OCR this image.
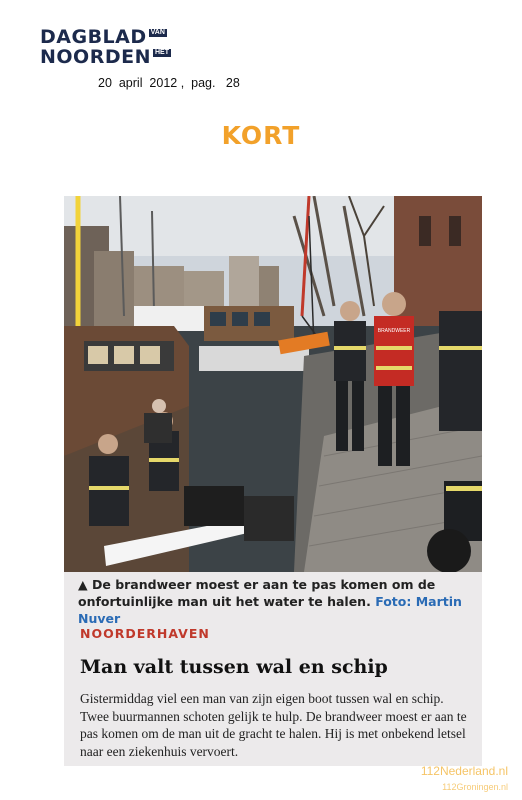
DAGBLAD VAN
NOORDEN HET
20  april  2012 ,  pag.   28
KORT
BRANDWEER
▲ De brandweer moest er aan te pas komen om de onfortuinlijke man uit het water te halen. Foto: Martin Nuver
NOORDERHAVEN
Man valt tussen wal en schip
Gistermiddag viel een man van zijn eigen boot tussen wal en schip. Twee buurmannen schoten gelijk te hulp. De brandweer moest er aan te pas komen om de man uit de gracht te halen. Hij is met onbekend letsel naar een ziekenhuis vervoert.
112Nederland.nl
112Groningen.nl
